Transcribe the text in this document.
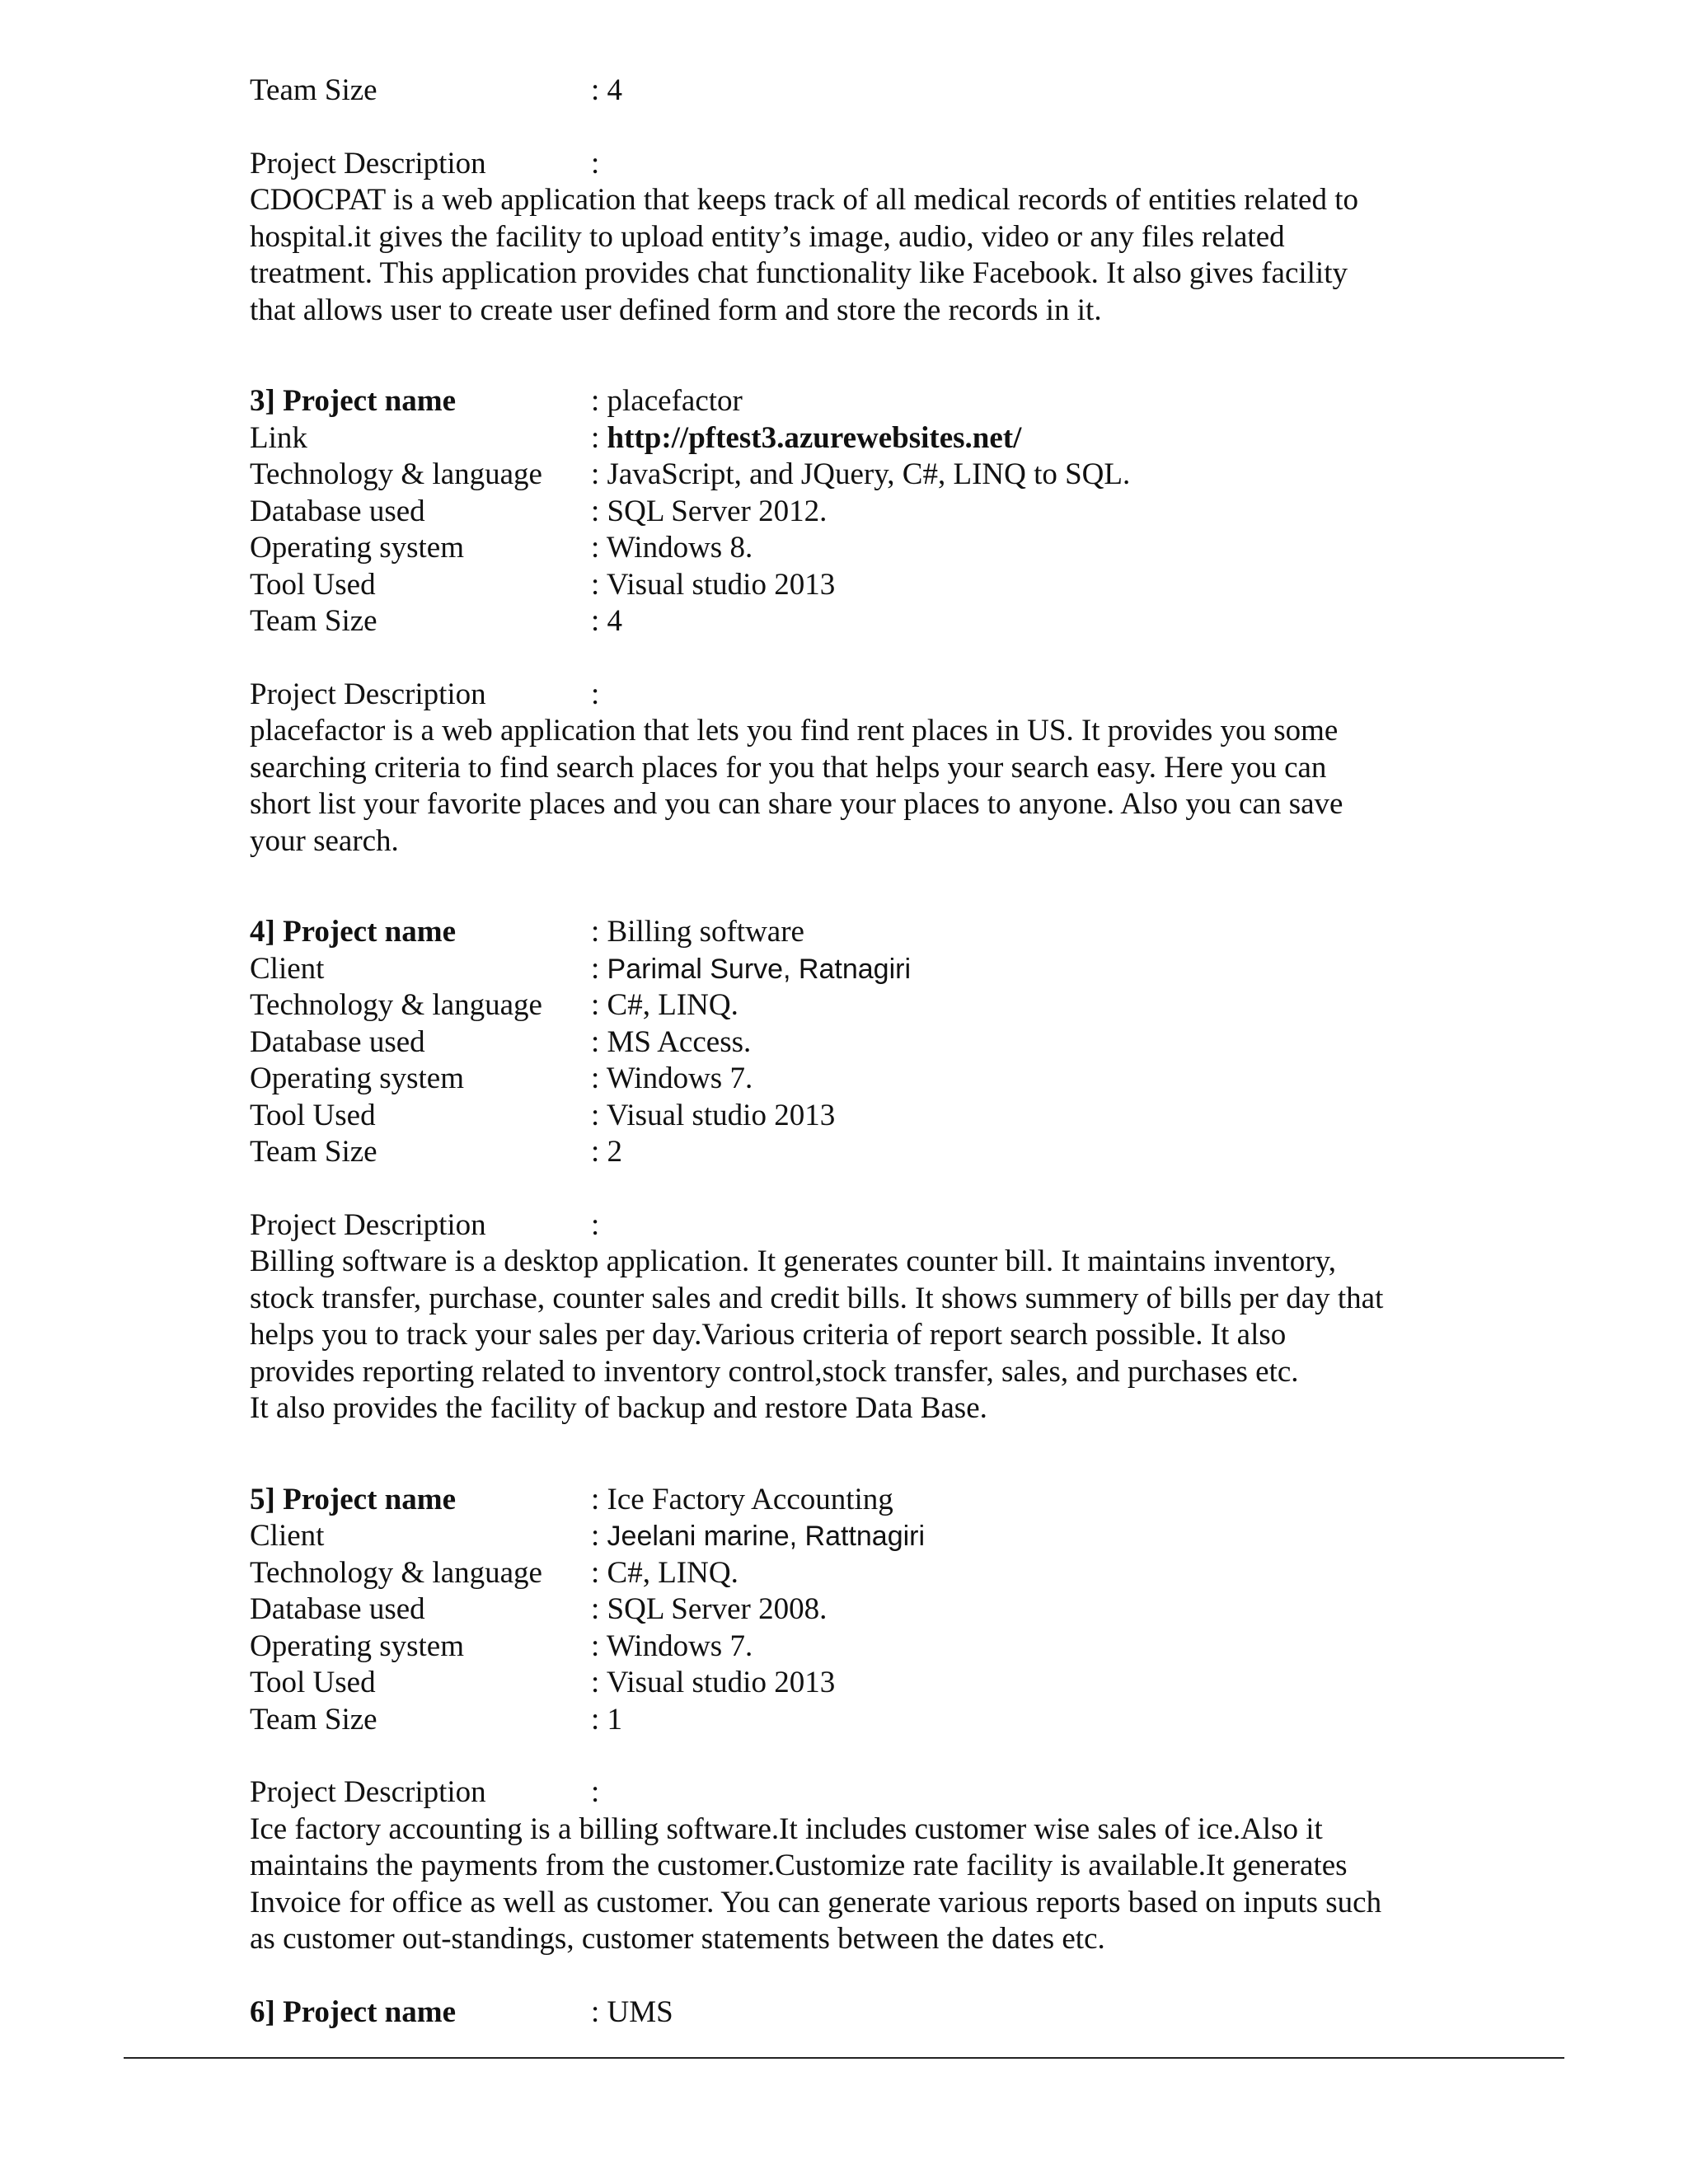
Team Size	: 4
Project Description	:

CDOCPAT is a web application that keeps track of all medical records of entities related to

hospital.it gives the facility to upload entity’s image, audio, video or any files related

treatment. This application provides chat functionality like Facebook. It also gives facility

that allows user to create user defined form and store the records in it.

3] Project name	: placefactor
Link	: http://pftest3.azurewebsites.net/
Technology & language	: JavaScript, and JQuery, C#, LINQ to SQL.
Database used	: SQL Server 2012.
Operating system	: Windows 8.
Tool Used	: Visual studio 2013
Team Size	: 4
Project Description	:

placefactor is a web application that lets you find rent places in US. It provides you some

searching criteria to find search places for you that helps your search easy. Here you can

short list your favorite places and you can share your places to anyone. Also you can save

your search.

4] Project name	: Billing software
Client	: Parimal Surve, Ratnagiri
Technology & language	: C#, LINQ.
Database used	: MS Access.
Operating system	: Windows 7.
Tool Used	: Visual studio 2013
Team Size	: 2
Project Description	:

Billing software is a desktop application. It generates counter bill. It maintains inventory,

stock transfer, purchase, counter sales and credit bills. It shows summery of bills per day that

helps you to track your sales per day.Various criteria of report search possible. It also

provides reporting related to inventory control,stock transfer, sales, and purchases etc.

It also provides the facility of backup and restore Data Base.

5] Project name	: Ice Factory Accounting
Client	: Jeelani marine, Rattnagiri
Technology & language	: C#, LINQ.
Database used	: SQL Server 2008.
Operating system	: Windows 7.
Tool Used	: Visual studio 2013
Team Size	: 1
Project Description	:

Ice factory accounting is a billing software.It includes customer wise sales of ice.Also it

maintains the payments from the customer.Customize rate facility is available.It generates

Invoice for office as well as customer. You can generate various reports based on inputs such

as customer out-standings, customer statements between the dates etc.

6] Project name	: UMS
